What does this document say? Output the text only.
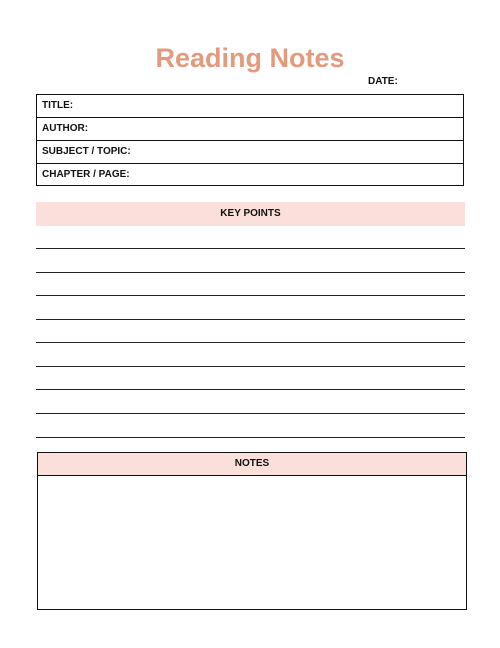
Reading Notes
DATE:
TITLE:
AUTHOR:
SUBJECT / TOPIC:
CHAPTER / PAGE:
KEY POINTS
NOTES
